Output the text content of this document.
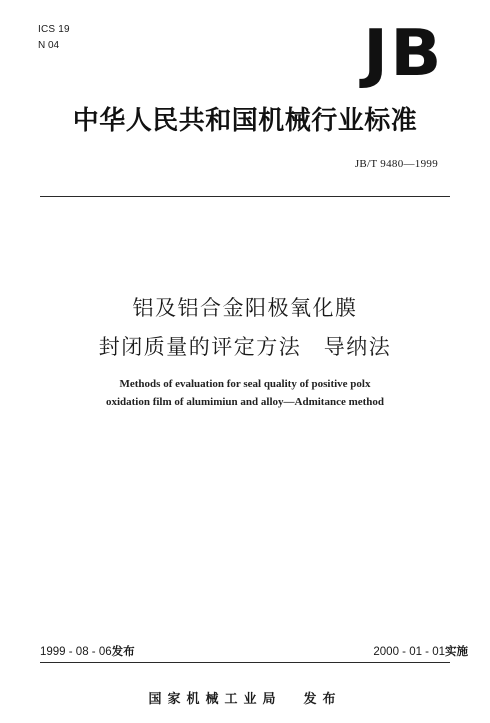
ICS 19
N 04	JB
中华人民共和国机械行业标准
JB/T 9480—1999
铝及铝合金阳极氧化膜
封闭质量的评定方法　导纳法
Methods of evaluation for seal quality of positive polx
oxidation film of alumimiun and alloy—Admitance method
1999 - 08 - 06发布	2000 - 01 - 01实施
国家机械工业局 发布
